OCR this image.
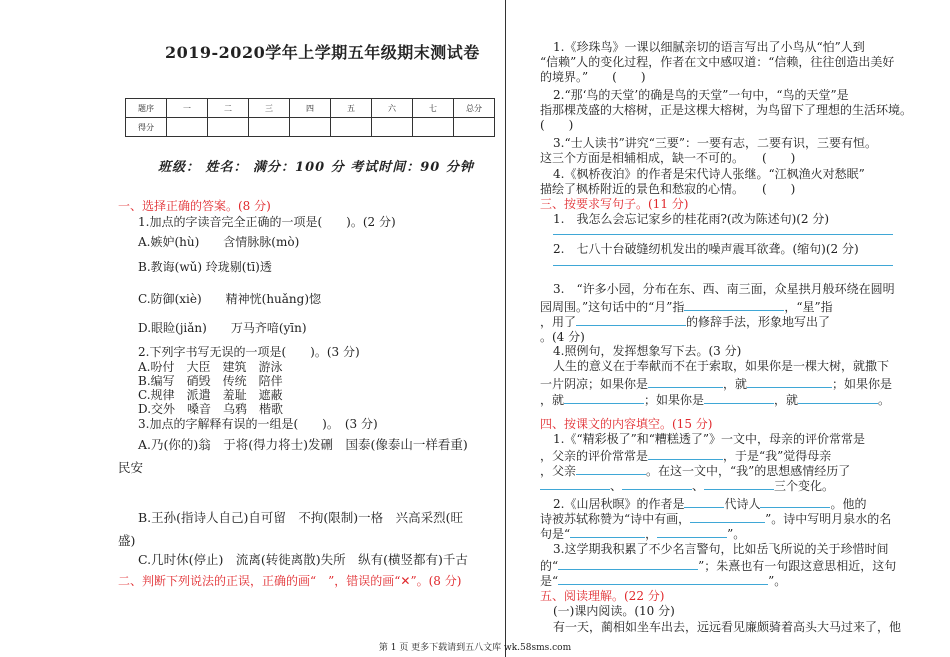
2019-2020学年上学期五年级期末测试卷
题序	一	二	三	四	五	六	七	总分
得分								
班级： 姓名： 满分：100 分 考试时间：90 分钟
一、选择正确的答案。(8 分)
1.加点的字读音完全正确的一项是(　　)。(2 分)
A.嫉妒(hù)　　含情脉脉(mò)
B.教诲(wǔ) 玲珑剔(tī)透
C.防御(xiè)　　精神恍(huǎng)惚
D.眼睑(jiǎn)　　万马齐喑(yīn)
2.下列字书写无误的一项是(　　)。(3 分)
A.吩付　大臣　建筑　游泳
B.编写　硝毁　传统　陪伴
C.规律　派遣　羞耻　遮蔽
D.交外　嗓音　乌鸦　楷歌
3.加点的字解释有误的一组是(　　)。　(3 分)
A.乃(你的)翁　于将(得力将士)发硎　国泰(像泰山一样看重)
民安
B.王孙(指诗人自己)自可留　不拘(限制)一格　兴高采烈(旺
盛)
C.几时休(停止)　流离(转徙离散)失所　纵有(横竖都有)千古
二、判断下列说法的正误，正确的画“　”，错误的画“✕”。(8 分)
1.《珍珠鸟》一课以细腻亲切的语言写出了小鸟从“怕”人到
“信赖”人的变化过程，作者在文中感叹道：“信赖，往往创造出美好
的境界。”　　(　　)
2.“那‘鸟的天堂’的确是鸟的天堂”一句中，“鸟的天堂”是
指那棵茂盛的大榕树，正是这棵大榕树，为鸟留下了理想的生活环境。
(　　)
3.“士人读书”讲究“三要”：一要有志，二要有识，三要有恒。
这三个方面是相辅相成，缺一不可的。　　(　　)
4.《枫桥夜泊》的作者是宋代诗人张继。“江枫渔火对愁眠”
描绘了枫桥附近的景色和愁寂的心情。　　(　　)
三、按要求写句子。(11 分)
1.　我怎么会忘记家乡的桂花雨?(改为陈述句)(2 分)
2.　七八十台破缝纫机发出的噪声震耳欲聋。(缩句)(2 分)
3.　“许多小园，分布在东、西、南三面，众星拱月般环绕在圆明
园周围。”这句话中的“月”指	，“星”指
，用了	的修辞手法，形象地写出了
。(4 分)
4.照例句，发挥想象写下去。(3 分)
人生的意义在于奉献而不在于索取，如果你是一棵大树，就撒下
一片阴凉；如果你是	，就	；如果你是
，就	；如果你是	，就	。
四、按课文的内容填空。(15 分)
1.《“精彩极了”和“糟糕透了”》一文中，母亲的评价常常是
，父亲的评价常常是	，于是“我”觉得母亲
，父亲	。在这一文中，“我”的思想感情经历了
、	、	三个变化。
2.《山居秋暝》的作者是	代诗人	。他的
诗被苏轼称赞为“诗中有画，	”。诗中写明月泉水的名
句是“	，	”。
3.这学期我积累了不少名言警句，比如岳飞所说的关于珍惜时间
的“	”；朱熹也有一句跟这意思相近，这句
是“	”。
五、阅读理解。(22 分)
(一)课内阅读。(10 分)
有一天，蔺相如坐车出去，远远看见廉颇骑着高头大马过来了，他
第 1 页 更多下载请到五八文库 wk.58sms.com
